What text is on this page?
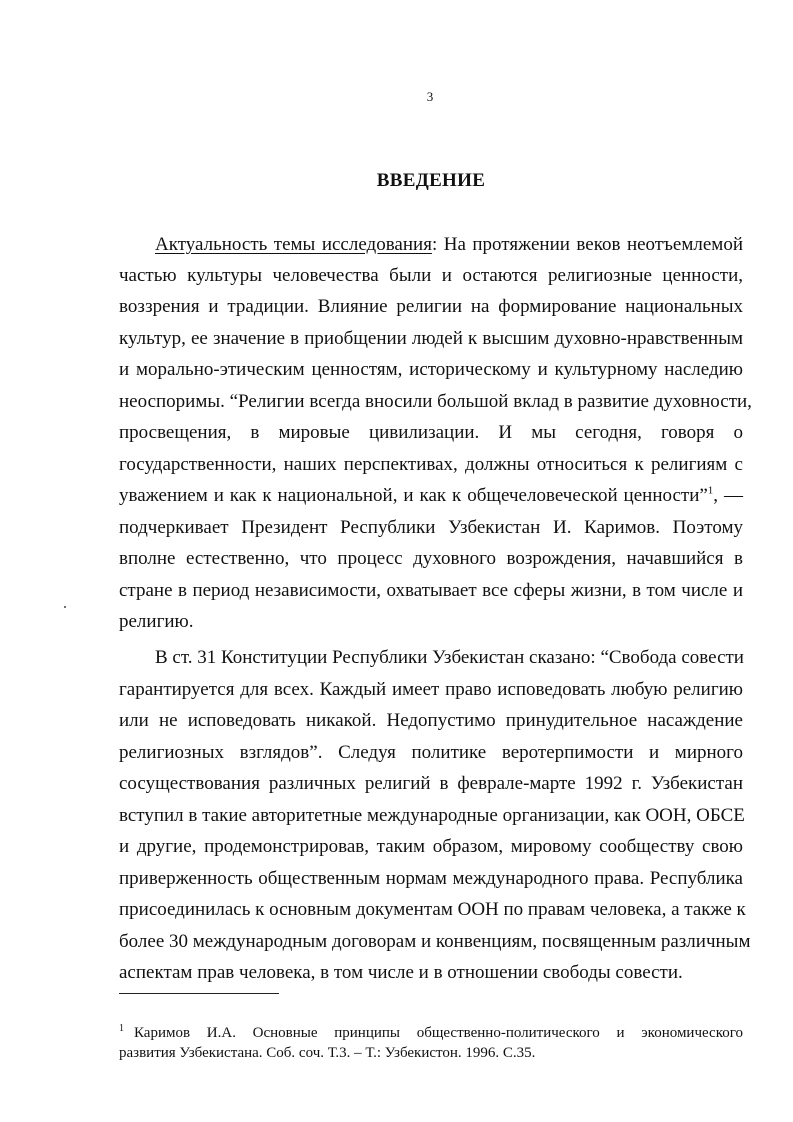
3
ВВЕДЕНИЕ
Актуальность темы исследования: На протяжении веков неотъемлемой
частью культуры человечества были и остаются религиозные ценности,
воззрения и традиции. Влияние религии на формирование национальных
культур, ее значение в приобщении людей к высшим духовно-нравственным
и морально-этическим ценностям, историческому и культурному наследию
неоспоримы. “Религии всегда вносили большой вклад в развитие духовности,
просвещения, в мировые цивилизации. И мы сегодня, говоря о
государственности, наших перспективах, должны относиться к религиям с
уважением и как к национальной, и как к общечеловеческой ценности”$^1$, —
подчеркивает Президент Республики Узбекистан И. Каримов. Поэтому
вполне естественно, что процесс духовного возрождения, начавшийся в
стране в период независимости, охватывает все сферы жизни, в том числе и
религию.
В ст. 31 Конституции Республики Узбекистан сказано: “Свобода совести
гарантируется для всех. Каждый имеет право исповедовать любую религию
или не исповедовать никакой. Недопустимо принудительное насаждение
религиозных взглядов”. Следуя политике веротерпимости и мирного
сосуществования различных религий в феврале-марте 1992 г. Узбекистан
вступил в такие авторитетные международные организации, как ООН, ОБСЕ
и другие, продемонстрировав, таким образом, мировому сообществу свою
приверженность общественным нормам международного права. Республика
присоединилась к основным документам ООН по правам человека, а также к
более 30 международным договорам и конвенциям, посвященным различным
аспектам прав человека, в том числе и в отношении свободы совести.
$^1$ Каримов И.А. Основные принципы общественно-политического и экономического
развития Узбекистана. Соб. соч. Т.3. – Т.: Узбекистон. 1996. С.35.
